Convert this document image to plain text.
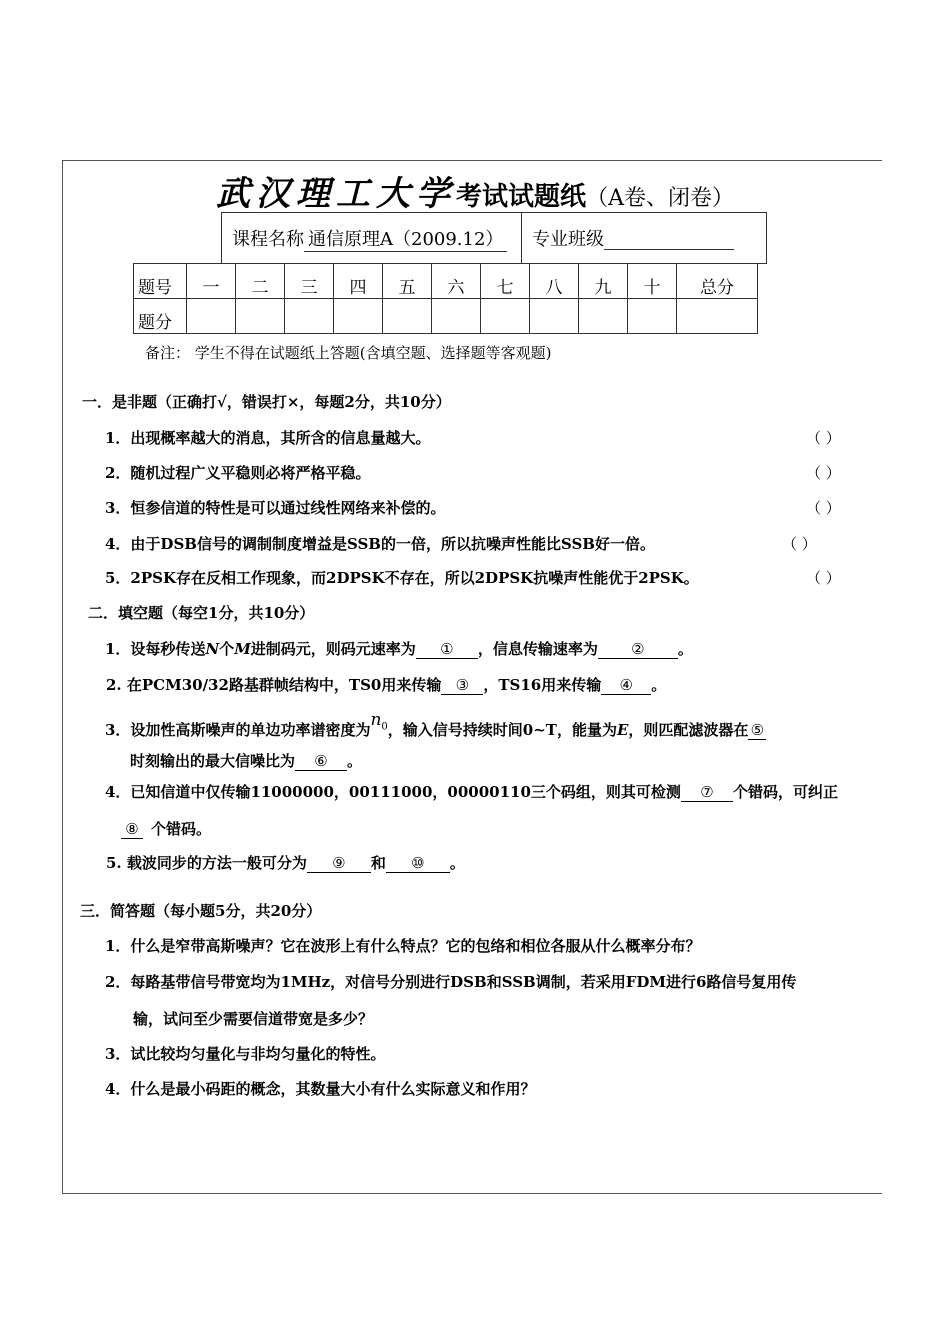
武汉理工大学考试试题纸（A卷、闭卷）
课程名称 通信原理A（2009.12） 专业班级
题号	一	二	三	四	五	六	七	八	九	十	总分
题分											
备注： 学生不得在试题纸上答题(含填空题、选择题等客观题)
一．是非题（正确打√，错误打×，每题2分，共10分）
1．出现概率越大的消息，其所含的信息量越大。	（ ）
2．随机过程广义平稳则必将严格平稳。	（ ）
3．恒参信道的特性是可以通过线性网络来补偿的。	（ ）
4．由于DSB信号的调制制度增益是SSB的一倍，所以抗噪声性能比SSB好一倍。	（ ）
5．2PSK存在反相工作现象，而2DPSK不存在，所以2DPSK抗噪声性能优于2PSK。	（ ）
二．填空题（每空1分，共10分）
1．设每秒传送N个M进制码元，则码元速率为 ① ，信息传输速率为 ② 。
2. 在PCM30/32路基群帧结构中，TS0用来传输 ③ ，TS16用来传输 ④ 。
3．设加性高斯噪声的单边功率谱密度为$n_0$，输入信号持续时间0~T，能量为E，则匹配滤波器在 ⑤
时刻输出的最大信噪比为 ⑥ 。
4．已知信道中仅传输11000000，00111000，00000110三个码组，则其可检测 ⑦ 个错码，可纠正
⑧ 个错码。
5. 载波同步的方法一般可分为 ⑨ 和 ⑩ 。
三．简答题（每小题5分，共20分）
1．什么是窄带高斯噪声？它在波形上有什么特点？它的包络和相位各服从什么概率分布？
2．每路基带信号带宽均为1MHz，对信号分别进行DSB和SSB调制，若采用FDM进行6路信号复用传
输，试问至少需要信道带宽是多少？
3．试比较均匀量化与非均匀量化的特性。
4．什么是最小码距的概念，其数量大小有什么实际意义和作用？
